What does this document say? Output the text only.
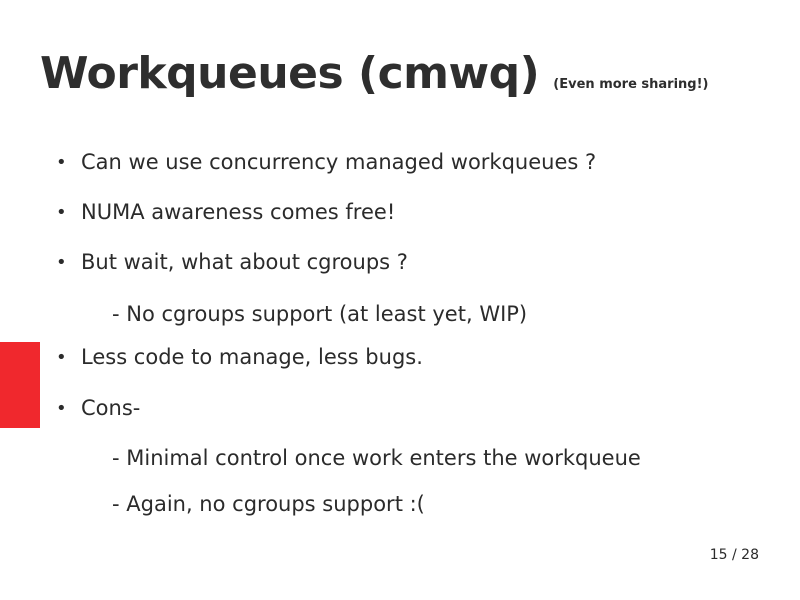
Workqueues (cmwq) (Even more sharing!)
• Can we use concurrency managed workqueues ?
• NUMA awareness comes free!
• But wait, what about cgroups ?
- No cgroups support (at least yet, WIP)
• Less code to manage, less bugs.
• Cons-
- Minimal control once work enters the workqueue
- Again, no cgroups support :(
15 / 28
